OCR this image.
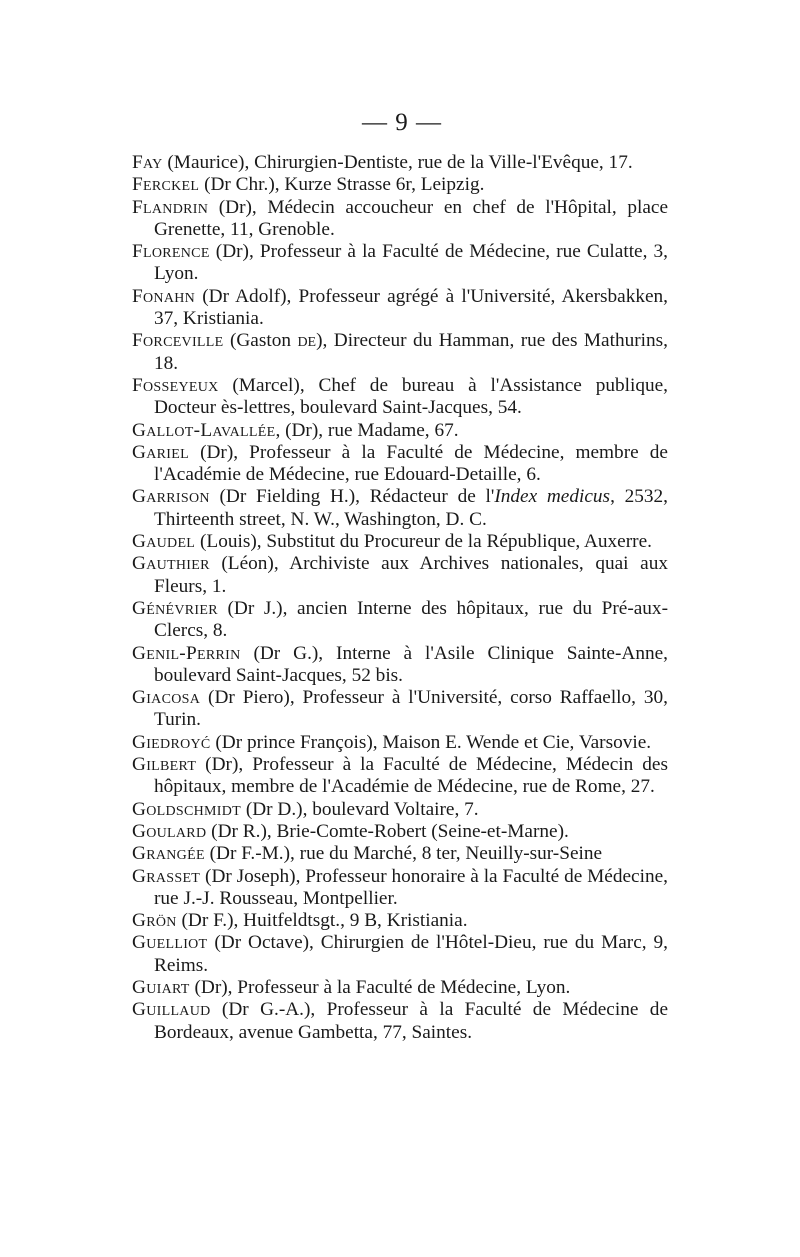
— 9 —
Fay (Maurice), Chirurgien-Dentiste, rue de la Ville-l'Evêque, 17.
Ferckel (Dr Chr.), Kurze Strasse 6r, Leipzig.
Flandrin (Dr), Médecin accoucheur en chef de l'Hôpital, place Grenette, 11, Grenoble.
Florence (Dr), Professeur à la Faculté de Médecine, rue Culatte, 3, Lyon.
Fonahn (Dr Adolf), Professeur agrégé à l'Université, Akersbakken, 37, Kristiania.
Forceville (Gaston de), Directeur du Hamman, rue des Mathurins, 18.
Fosseyeux (Marcel), Chef de bureau à l'Assistance publique, Docteur ès-lettres, boulevard Saint-Jacques, 54.
Gallot-Lavallée, (Dr), rue Madame, 67.
Gariel (Dr), Professeur à la Faculté de Médecine, membre de l'Académie de Médecine, rue Edouard-Detaille, 6.
Garrison (Dr Fielding H.), Rédacteur de l'Index medicus, 2532, Thirteenth street, N. W., Washington, D. C.
Gaudel (Louis), Substitut du Procureur de la République, Auxerre.
Gauthier (Léon), Archiviste aux Archives nationales, quai aux Fleurs, 1.
Génévrier (Dr J.), ancien Interne des hôpitaux, rue du Pré-aux-Clercs, 8.
Genil-Perrin (Dr G.), Interne à l'Asile Clinique Sainte-Anne, boulevard Saint-Jacques, 52 bis.
Giacosa (Dr Piero), Professeur à l'Université, corso Raffaello, 30, Turin.
Giedroyć (Dr prince François), Maison E. Wende et Cie, Varsovie.
Gilbert (Dr), Professeur à la Faculté de Médecine, Médecin des hôpitaux, membre de l'Académie de Médecine, rue de Rome, 27.
Goldschmidt (Dr D.), boulevard Voltaire, 7.
Goulard (Dr R.), Brie-Comte-Robert (Seine-et-Marne).
Grangée (Dr F.-M.), rue du Marché, 8 ter, Neuilly-sur-Seine
Grasset (Dr Joseph), Professeur honoraire à la Faculté de Médecine, rue J.-J. Rousseau, Montpellier.
Grön (Dr F.), Huitfeldtsgt., 9 B, Kristiania.
Guelliot (Dr Octave), Chirurgien de l'Hôtel-Dieu, rue du Marc, 9, Reims.
Guiart (Dr), Professeur à la Faculté de Médecine, Lyon.
Guillaud (Dr G.-A.), Professeur à la Faculté de Médecine de Bordeaux, avenue Gambetta, 77, Saintes.
